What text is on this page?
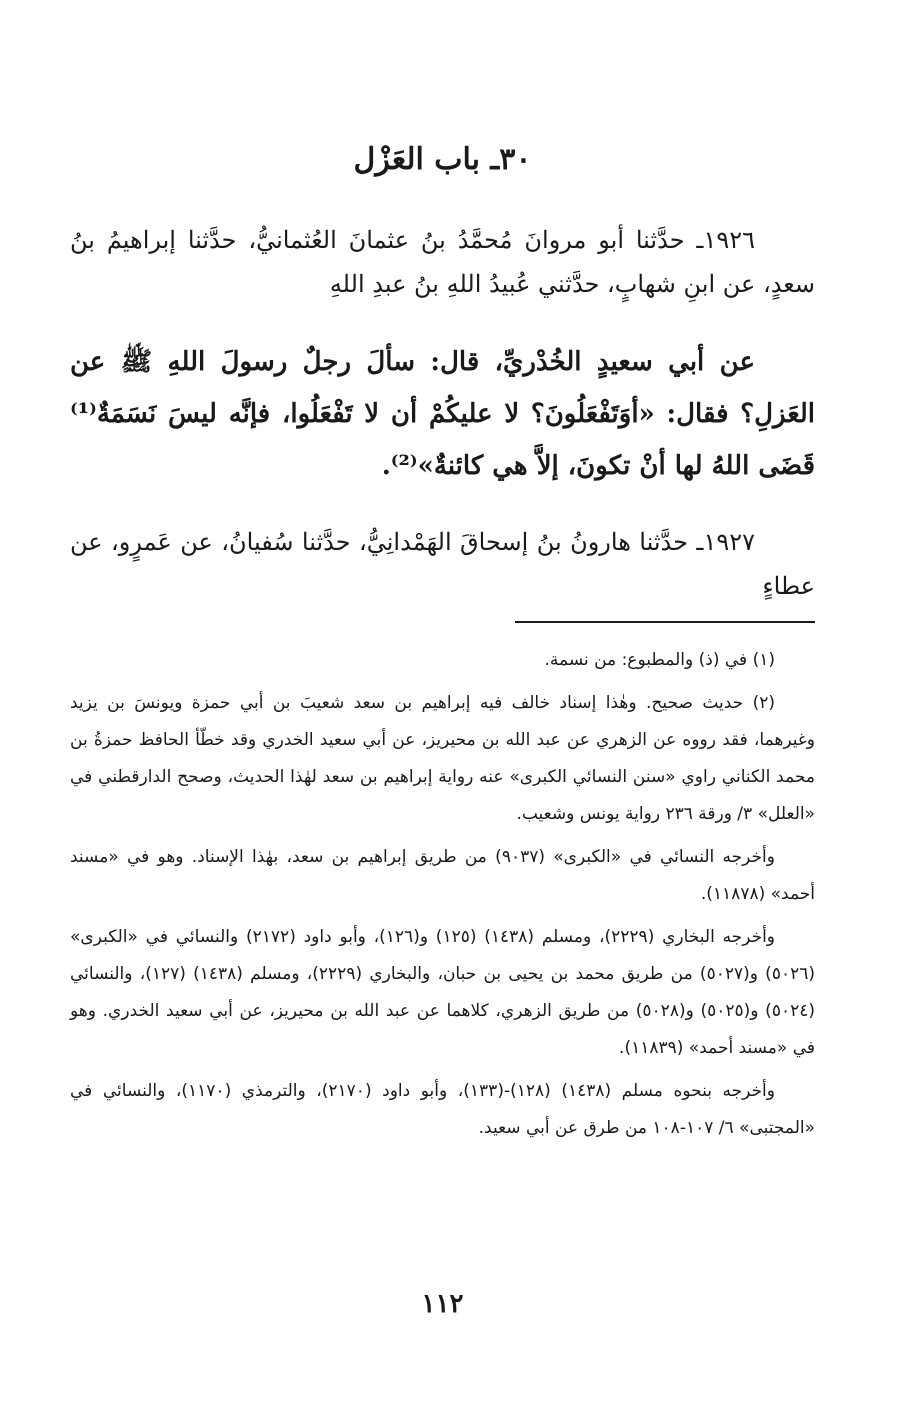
٣٠ـ باب العَزْل
١٩٢٦ـ حدَّثنا أبو مروانَ مُحمَّدُ بنُ عثمانَ العُثمانيُّ، حدَّثنا إبراهيمُ بنُ سعدٍ، عن ابنِ شهابٍ، حدَّثني عُبيدُ اللهِ بنُ عبدِ اللهِ
عن أبي سعيدٍ الخُدْريِّ، قال: سألَ رجلٌ رسولَ اللهِ ﷺ عن العَزلِ؟ فقال: «أوَتَفْعَلُونَ؟ لا عليكُمْ أن لا تَفْعَلُوا، فإنَّه ليسَ نَسَمَةٌ⁽¹⁾ قَضَى اللهُ لها أنْ تكونَ، إلاَّ هي كائنةٌ»⁽²⁾.
١٩٢٧ـ حدَّثنا هارونُ بنُ إسحاقَ الهَمْدانِيُّ، حدَّثنا سُفيانُ، عن عَمرٍو، عن عطاءٍ

(١) في (ذ) والمطبوع: من نسمة.

(٢) حديث صحيح. وهٰذا إسناد خالف فيه إبراهيم بن سعد شعيبَ بن أبي حمزة ويونسَ بن يزيد وغيرهما، فقد رووه عن الزهري عن عبد الله بن محيريز، عن أبي سعيد الخدري وقد خطّأ الحافظ حمزةُ بن محمد الكناني راوي «سنن النسائي الكبرى» عنه رواية إبراهيم بن سعد لهٰذا الحديث، وصحح الدارقطني في «العلل» ٣/ ورقة ٢٣٦ رواية يونس وشعيب.

وأخرجه النسائي في «الكبرى» (٩٠٣٧) من طريق إبراهيم بن سعد، بهٰذا الإسناد. وهو في «مسند أحمد» (١١٨٧٨).

وأخرجه البخاري (٢٢٢٩)، ومسلم (١٤٣٨) (١٢٥) و(١٢٦)، وأبو داود (٢١٧٢) والنسائي في «الكبرى» (٥٠٢٦) و(٥٠٢٧) من طريق محمد بن يحيى بن حبان، والبخاري (٢٢٢٩)، ومسلم (١٤٣٨) (١٢٧)، والنسائي (٥٠٢٤) و(٥٠٢٥) و(٥٠٢٨) من طريق الزهري، كلاهما عن عبد الله بن محيريز، عن أبي سعيد الخدري. وهو في «مسند أحمد» (١١٨٣٩).

وأخرجه بنحوه مسلم (١٤٣٨) (١٢٨)-(١٣٣)، وأبو داود (٢١٧٠)، والترمذي (١١٧٠)، والنسائي في «المجتبى» ٦/ ١٠٧-١٠٨ من طرق عن أبي سعيد.

١١٢
